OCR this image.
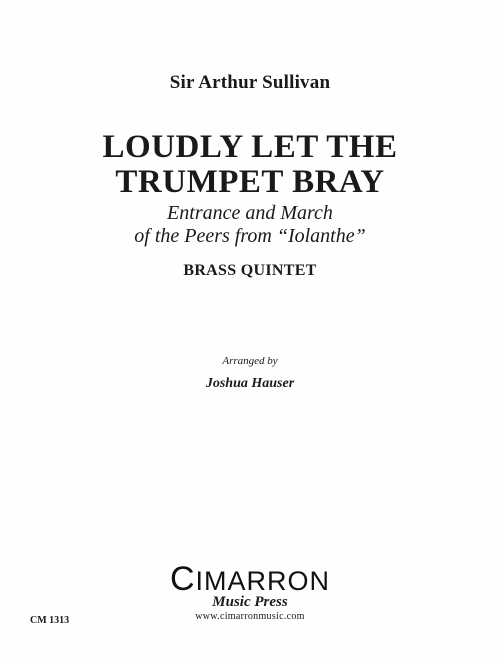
Sir Arthur Sullivan
LOUDLY LET THE
TRUMPET BRAY
Entrance and March
of the Peers from “Iolanthe”
BRASS QUINTET
Arranged by
Joshua Hauser
CIMARRON
Music Press
www.cimarronmusic.com
CM 1313
